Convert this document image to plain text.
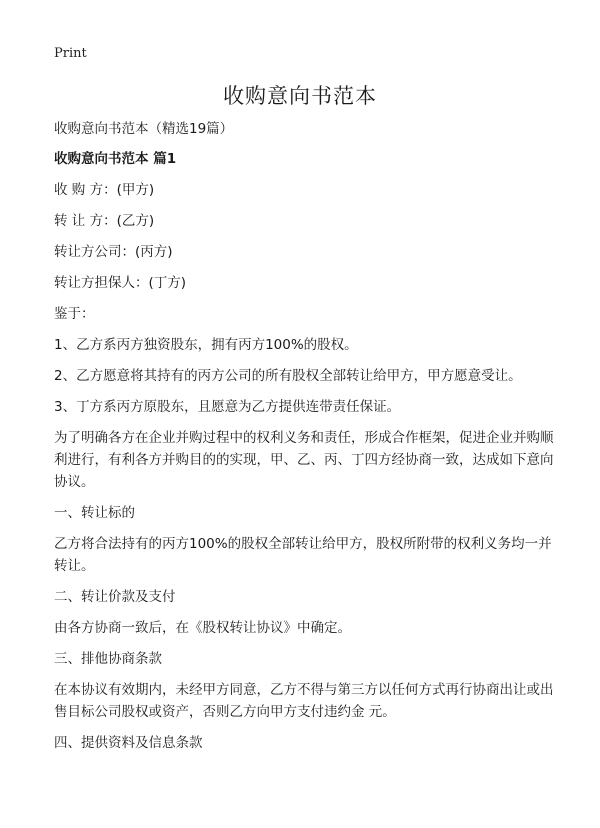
Print
收购意向书范本

收购意向书范本（精选19篇）

收购意向书范本 篇1

收 购 方：(甲方)

转 让 方：(乙方)

转让方公司：(丙方)

转让方担保人：(丁方)

鉴于：

1、乙方系丙方独资股东，拥有丙方100%的股权。

2、乙方愿意将其持有的丙方公司的所有股权全部转让给甲方，甲方愿意受让。

3、丁方系丙方原股东，且愿意为乙方提供连带责任保证。

为了明确各方在企业并购过程中的权利义务和责任，形成合作框架，促进企业并购顺利进行，有利各方并购目的的实现，甲、乙、丙、丁四方经协商一致，达成如下意向协议。

一、转让标的

乙方将合法持有的丙方100%的股权全部转让给甲方，股权所附带的权利义务均一并转让。

二、转让价款及支付

由各方协商一致后，在《股权转让协议》中确定。

三、排他协商条款

在本协议有效期内，未经甲方同意，乙方不得与第三方以任何方式再行协商出让或出售目标公司股权或资产，否则乙方向甲方支付违约金 元。

四、提供资料及信息条款
